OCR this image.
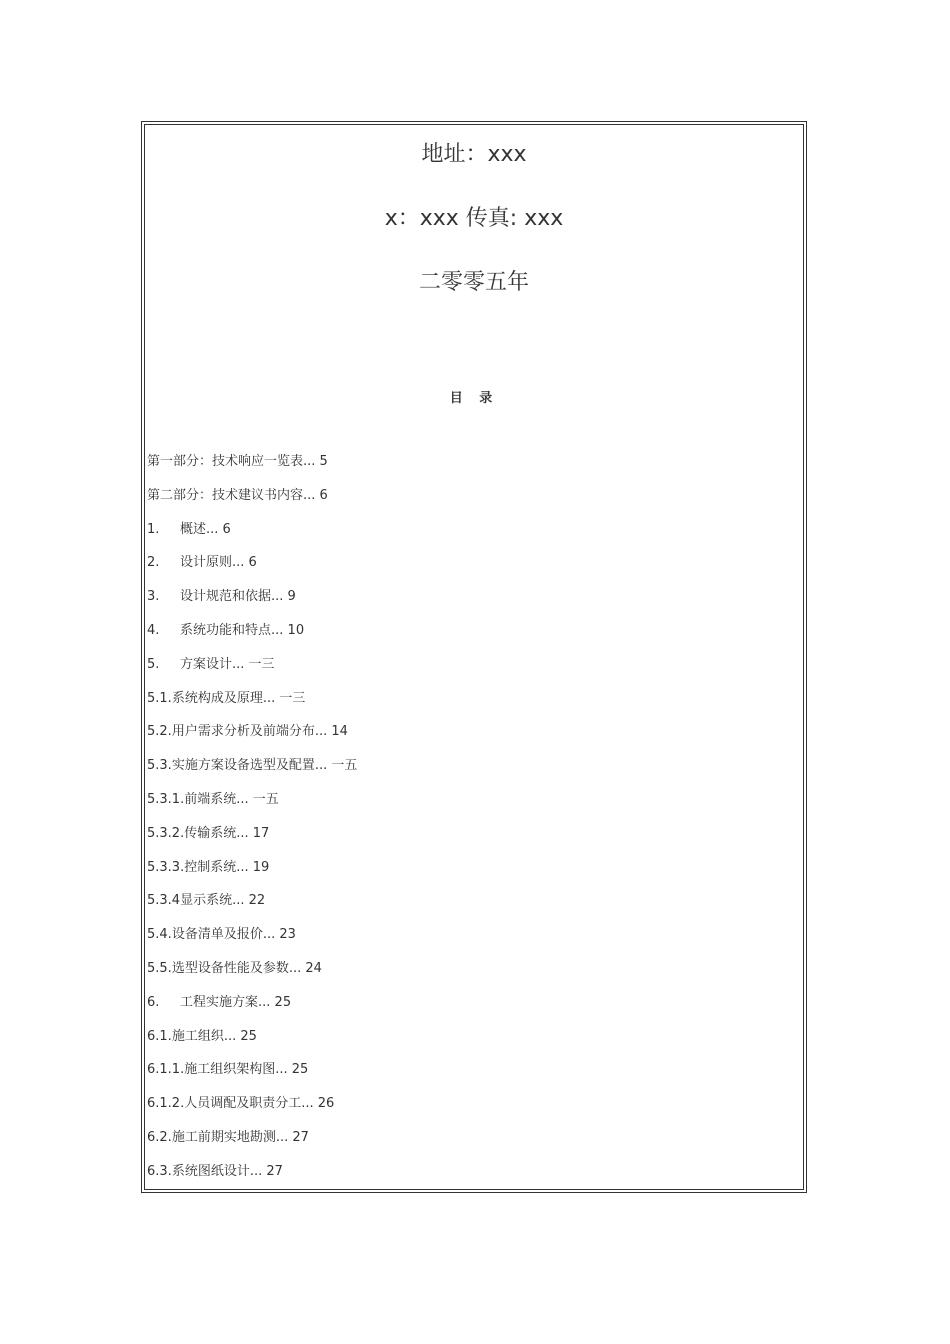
地址：xxx
x：xxx 传真: xxx
二零零五年
目 录
第一部分：技术响应一览表... 5
第二部分：技术建议书内容... 6
1. 概述... 6
2. 设计原则... 6
3. 设计规范和依据... 9
4. 系统功能和特点... 10
5. 方案设计... 一三
5.1.系统构成及原理... 一三
5.2.用户需求分析及前端分布... 14
5.3.实施方案设备选型及配置... 一五
5.3.1.前端系统... 一五
5.3.2.传输系统... 17
5.3.3.控制系统... 19
5.3.4显示系统... 22
5.4.设备清单及报价... 23
5.5.选型设备性能及参数... 24
6. 工程实施方案... 25
6.1.施工组织... 25
6.1.1.施工组织架构图... 25
6.1.2.人员调配及职责分工... 26
6.2.施工前期实地勘测... 27
6.3.系统图纸设计... 27
